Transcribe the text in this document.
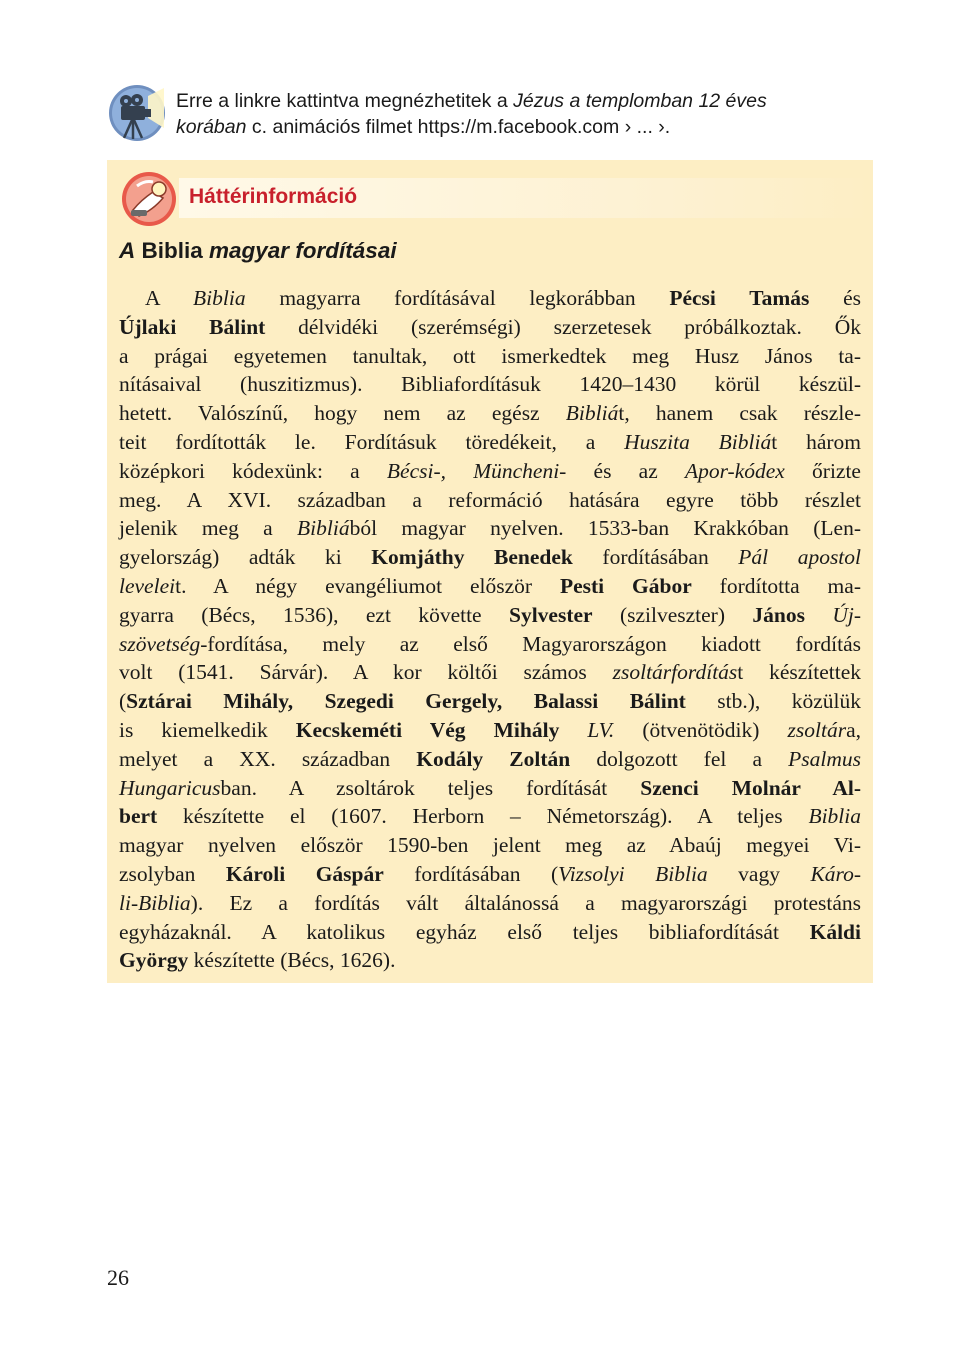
Erre a linkre kattintva megnézhetitek a Jézus a templomban 12 éves
korában c. animációs filmet https://m.facebook.com › ... ›.
Háttérinformáció
A Biblia magyar fordításai
A Biblia magyarra fordításával legkorábban Pécsi Tamás és
Újlaki Bálint délvidéki (szerémségi) szerzetesek próbálkoztak. Ők
a prágai egyetemen tanultak, ott ismerkedtek meg Husz János ta-
nításaival (huszitizmus). Bibliafordításuk 1420–1430 körül készül-
hetett. Valószínű, hogy nem az egész Bibliát, hanem csak részle-
teit fordították le. Fordításuk töredékeit, a Huszita Bibliát három
középkori kódexünk: a Bécsi-, Müncheni- és az Apor-kódex őrizte
meg. A XVI. században a reformáció hatására egyre több részlet
jelenik meg a Bibliából magyar nyelven. 1533-ban Krakkóban (Len-
gyelország) adták ki Komjáthy Benedek fordításában Pál apostol
leveleit. A négy evangéliumot először Pesti Gábor fordította ma-
gyarra (Bécs, 1536), ezt követte Sylvester (szilveszter) János Új-
szövetség-fordítása, mely az első Magyarországon kiadott fordítás
volt (1541. Sárvár). A kor költői számos zsoltárfordítást készítettek
(Sztárai Mihály, Szegedi Gergely, Balassi Bálint stb.), közülük
is kiemelkedik Kecskeméti Vég Mihály LV. (ötvenötödik) zsoltára,
melyet a XX. században Kodály Zoltán dolgozott fel a Psalmus
Hungaricusban. A zsoltárok teljes fordítását Szenci Molnár Al-
bert készítette el (1607. Herborn – Németország). A teljes Biblia
magyar nyelven először 1590-ben jelent meg az Abaúj megyei Vi-
zsolyban Károli Gáspár fordításában (Vizsolyi Biblia vagy Káro-
li-Biblia). Ez a fordítás vált általánossá a magyarországi protestáns
egyházaknál. A katolikus egyház első teljes bibliafordítását Káldi
György készítette (Bécs, 1626).
26
